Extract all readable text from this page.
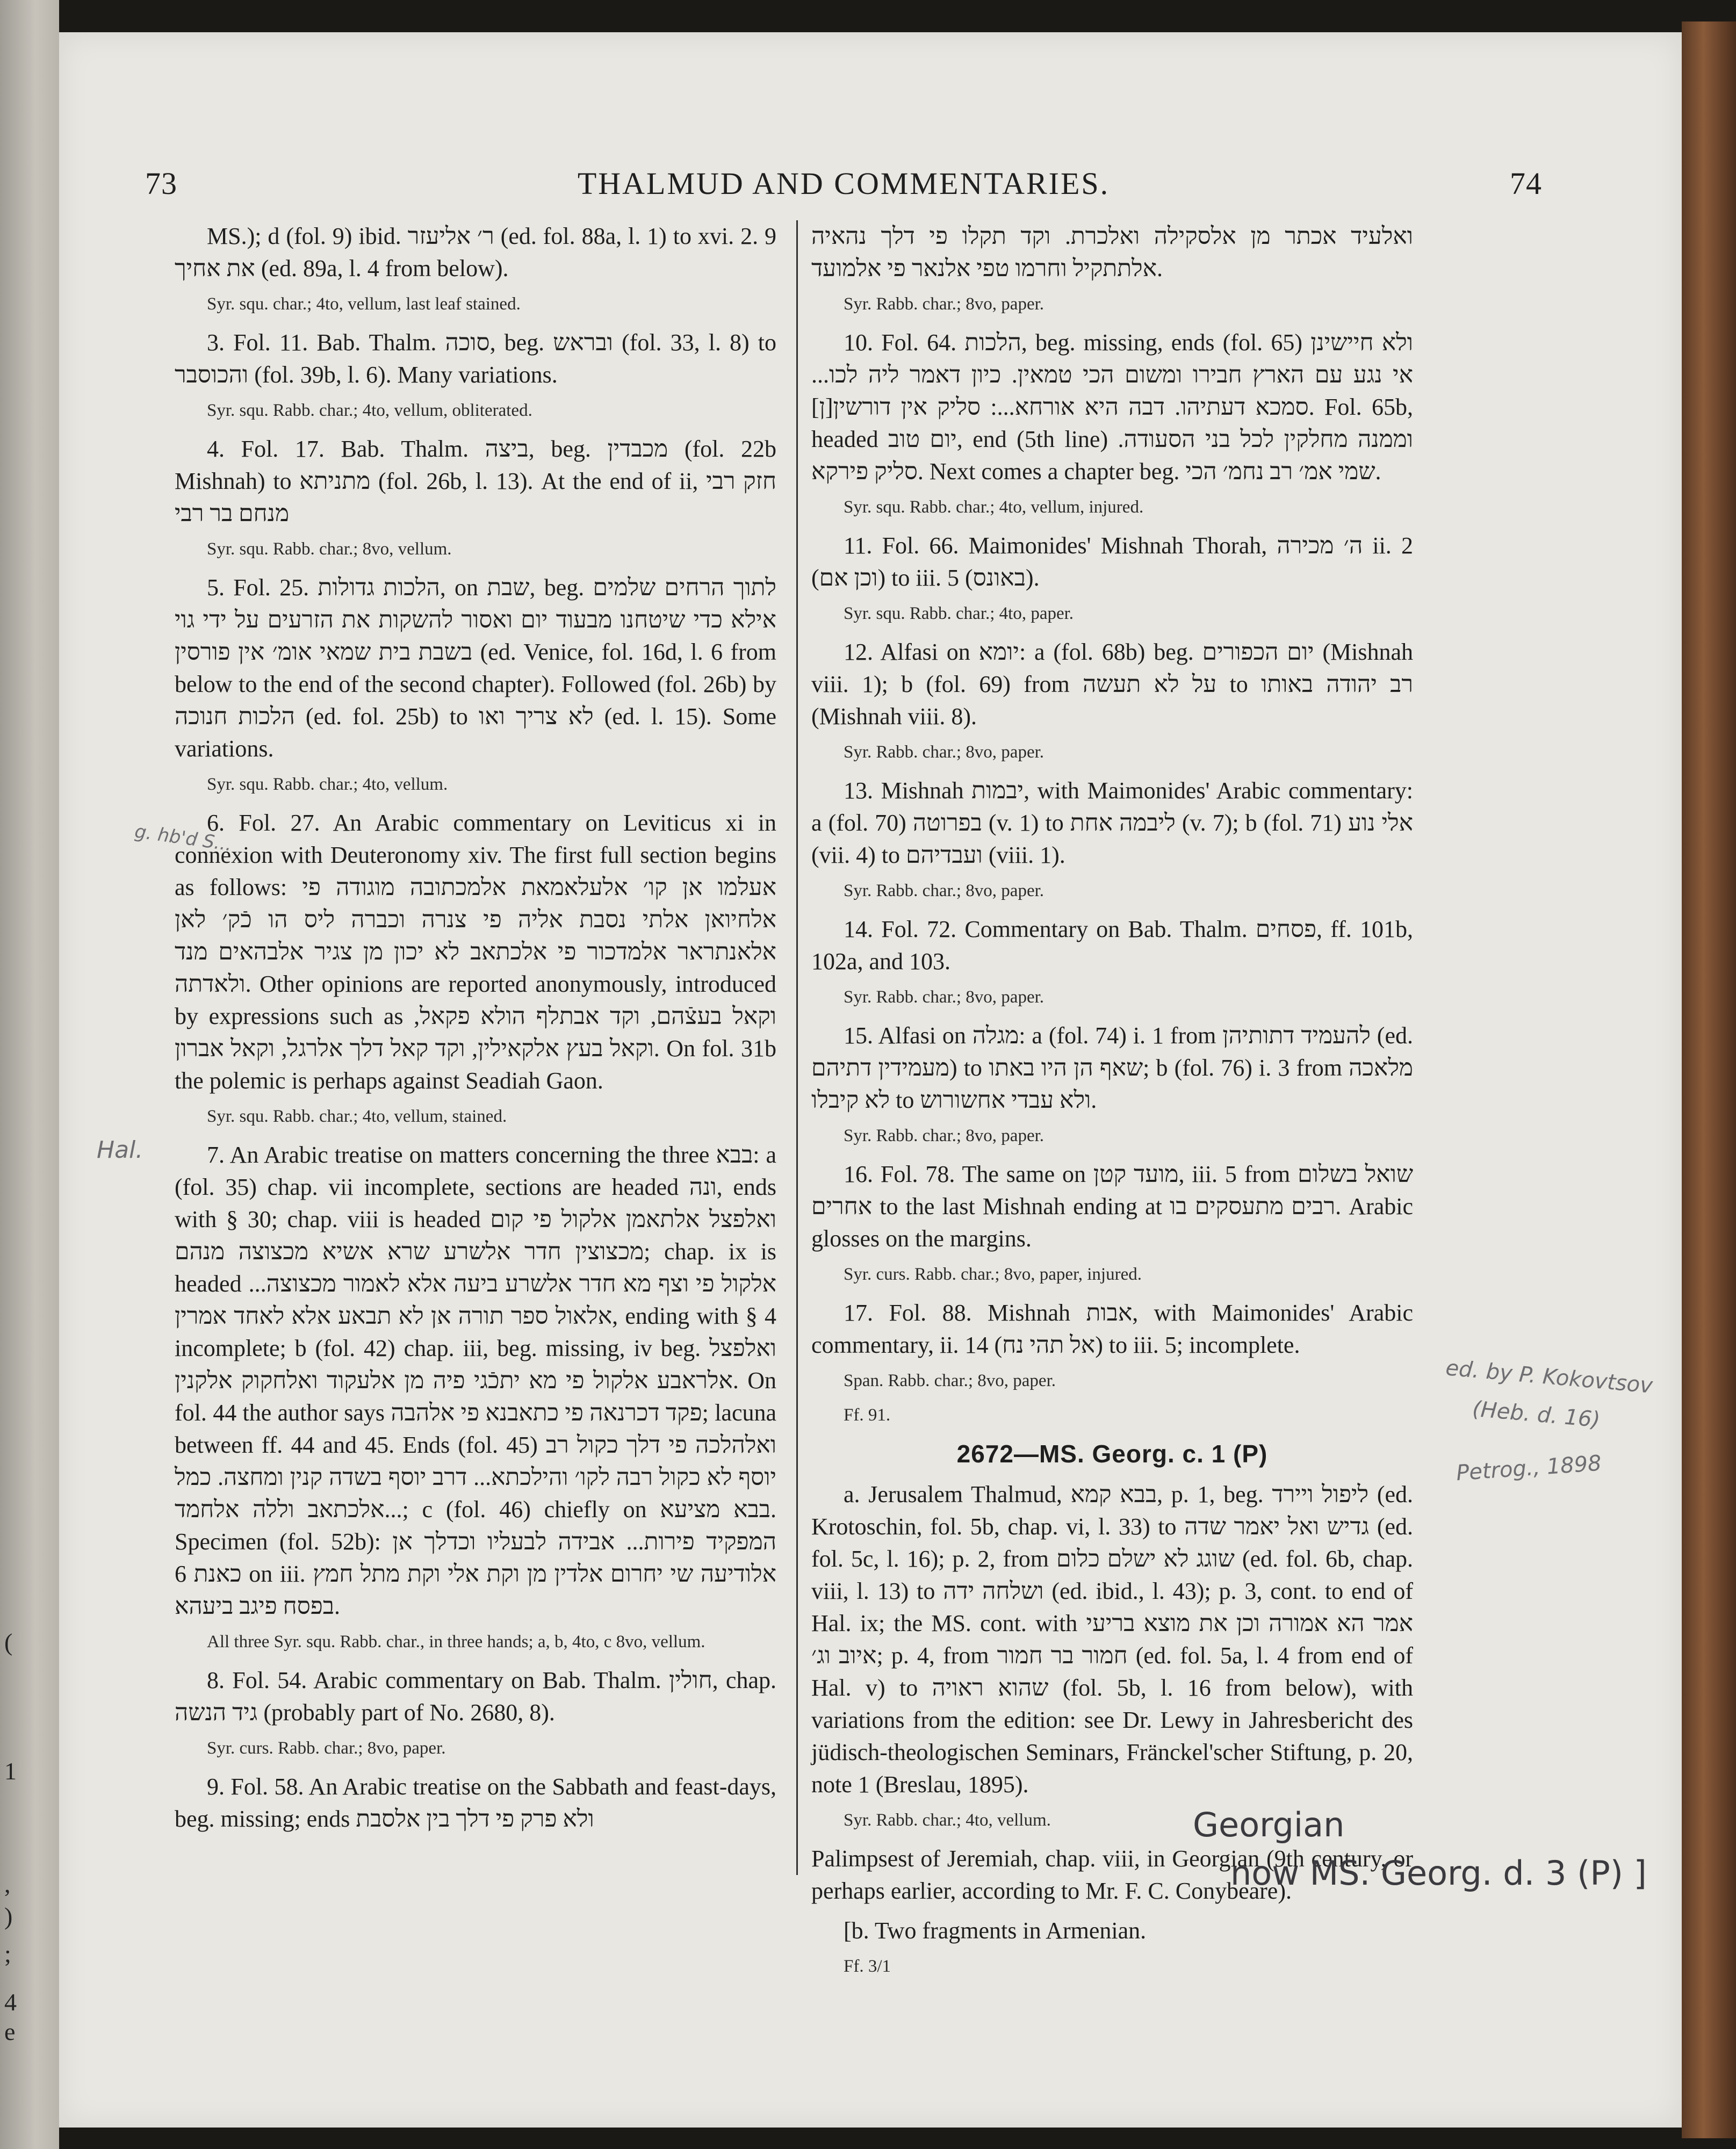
(
1
,
)
;
4
e
73	THALMUD AND COMMENTARIES.	74

MS.); d (fol. 9) ibid. ר׳ אליעזר (ed. fol. 88a, l. 1) to xvi. 2. 9 את אחיך (ed. 89a, l. 4 from below).

Syr. squ. char.; 4to, vellum, last leaf stained.

3. Fol. 11. Bab. Thalm. סוכה, beg. ובראש (fol. 33, l. 8) to והכוסבר (fol. 39b, l. 6). Many variations.

Syr. squ. Rabb. char.; 4to, vellum, obliterated.

4. Fol. 17. Bab. Thalm. ביצה, beg. מכבדין (fol. 22b Mishnah) to מתניתא (fol. 26b, l. 13). At the end of ii, חזק רבי מנחם בר רבי

Syr. squ. Rabb. char.; 8vo, vellum.

5. Fol. 25. הלכות גדולות, on שבת, beg. לתוך הרחים שלמים אילא כדי שיטחנו מבעוד יום ואסור להשקות את הזרעים על ידי גוי בשבת בית שמאי אומ׳ אין פורסין (ed. Venice, fol. 16d, l. 6 from below to the end of the second chapter). Followed (fol. 26b) by הלכות חנוכה (ed. fol. 25b) to לא צריך ואו (ed. l. 15). Some variations.

Syr. squ. Rabb. char.; 4to, vellum.

6. Fol. 27. An Arabic commentary on Leviticus xi in connexion with Deuteronomy xiv. The first full section begins as follows: אעלמו אן קו׳ אלעלאמאת אלמכתובה מוגודה פי אלחיואן אלתי נסבת אליה פי צנרה וכברה ליס הו כֿק׳ לאן אלאנתראר אלמדכור פי אלכתאב לא יכון מן צגיר אלבהאים מנד ולאדתה. Other opinions are reported anonymously, introduced by expressions such as וקאל בעצֿהם, וקד אבתלף הולא פקאל, וקאל בעץ אלקאילין, וקד קאל דלך אלרגל, וקאל אברון. On fol. 31b the polemic is perhaps against Seadiah Gaon.

Syr. squ. Rabb. char.; 4to, vellum, stained.

7. An Arabic treatise on matters concerning the three בבא: a (fol. 35) chap. vii incomplete, sections are headed ונה, ends with § 30; chap. viii is headed ואלפצל אלתאמן אלקול פי קום מכצוצין חדר אלשרע שרא אשיא מכצוצה מנהם; chap. ix is headed אלקול פי וצף מא חדר אלשרע ביעה אלא לאמור מכצוצה... אלאול ספר תורה אן לא תבאע אלא לאחד אמרין, ending with § 4 incomplete; b (fol. 42) chap. iii, beg. missing, iv beg. ואלפצל אלראבע אלקול פי מא יתכֿגי פיה מן אלעקוד ואלחקוק אלקנין. On fol. 44 the author says פקד דכרנאה פי כתאבנא פי אלהבה; lacuna between ff. 44 and 45. Ends (fol. 45) ואלהלכה פי דלך כקול רב יוסף לא כקול רבה לקו׳ והילכתא... דרב יוסף בשדה קנין ומחצה. כמל אלכתאב וללה אלחמד...; c (fol. 46) chiefly on בבא מציעא. Specimen (fol. 52b): המפקיד פירות... אבידה לבעליו וכדלך אן כאנת 6 on iii. אלודיעה שי יחרום אלדין מן וקת אלי וקת מתל חמץ בפסח פיגב ביעהא.

All three Syr. squ. Rabb. char., in three hands; a, b, 4to, c 8vo, vellum.

8. Fol. 54. Arabic commentary on Bab. Thalm. חולין, chap. גיד הנשה (probably part of No. 2680, 8).

Syr. curs. Rabb. char.; 8vo, paper.

9. Fol. 58. An Arabic treatise on the Sabbath and feast-days, beg. missing; ends ולא פרק פי דלך בין אלסבת

ואלעיד אכתר מן אלסקילה ואלכרת. וקד תקלו פי דלך נהאיה אלתתקיל וחרמו טפי אלנאר פי אלמועד.

Syr. Rabb. char.; 8vo, paper.

10. Fol. 64. הלכות, beg. missing, ends (fol. 65) ולא חיישינן אי נגע עם הארץ חבירו ומשום הכי טמאין. כיון דאמר ליה לכו... סמכא דעתיהו. דבה היא אורחא...: סליק אין דורשין[ן]. Fol. 65b, headed יום טוב, end (5th line) וממנה מחלקין לכל בני הסעודה. סליק פירקא. Next comes a chapter beg. שמי אמ׳ רב נחמ׳ הכי.

Syr. squ. Rabb. char.; 4to, vellum, injured.

11. Fol. 66. Maimonides' Mishnah Thorah, ה׳ מכירה ii. 2 (וכן אם) to iii. 5 (באונס).

Syr. squ. Rabb. char.; 4to, paper.

12. Alfasi on יומא: a (fol. 68b) beg. יום הכפורים (Mishnah viii. 1); b (fol. 69) from על לא תעשה to רב יהודה באותו (Mishnah viii. 8).

Syr. Rabb. char.; 8vo, paper.

13. Mishnah יבמות, with Maimonides' Arabic commentary: a (fol. 70) בפרוטה (v. 1) to ליבמה אחת (v. 7); b (fol. 71) אלי נוע (vii. 4) to ועבדיהם (viii. 1).

Syr. Rabb. char.; 8vo, paper.

14. Fol. 72. Commentary on Bab. Thalm. פסחים, ff. 101b, 102a, and 103.

Syr. Rabb. char.; 8vo, paper.

15. Alfasi on מגלה: a (fol. 74) i. 1 from להעמיד דתותיהן (ed. מעמידין דתיהם) to שאף הן היו באתו; b (fol. 76) i. 3 from מלאכה לא קיבלו to ולא עבדי אחשורוש.

Syr. Rabb. char.; 8vo, paper.

16. Fol. 78. The same on מועד קטן, iii. 5 from שואל בשלום אחרים to the last Mishnah ending at רבים מתעסקים בו. Arabic glosses on the margins.

Syr. curs. Rabb. char.; 8vo, paper, injured.

17. Fol. 88. Mishnah אבות, with Maimonides' Arabic commentary, ii. 14 (אל תהי נח) to iii. 5; incomplete.

Span. Rabb. char.; 8vo, paper.

Ff. 91.

2672—MS. Georg. c. 1 (P)

a. Jerusalem Thalmud, בבא קמא, p. 1, beg. ליפול ויירד (ed. Krotoschin, fol. 5b, chap. vi, l. 33) to גדיש ואל יאמר שדה (ed. fol. 5c, l. 16); p. 2, from שוגג לא ישלם כלום (ed. fol. 6b, chap. viii, l. 13) to ושלחה ידה (ed. ibid., l. 43); p. 3, cont. to end of Hal. ix; the MS. cont. with אמר הא אמורה וכן את מוצא בריעי איוב וג׳; p. 4, from חמור בר חמור (ed. fol. 5a, l. 4 from end of Hal. v) to שהוא ראויה (fol. 5b, l. 16 from below), with variations from the edition: see Dr. Lewy in Jahresbericht des jüdisch-theologischen Seminars, Fränckel'scher Stiftung, p. 20, note 1 (Breslau, 1895).

Syr. Rabb. char.; 4to, vellum.

Palimpsest of Jeremiah, chap. viii, in Georgian (9th century, or perhaps earlier, according to Mr. F. C. Conybeare).

[b. Two fragments in Armenian.

Ff. 3/1

g. hb'd S...
Hal.
ed. by P. Kokovtsov
(Heb. d. 16)
Petrog., 1898
Georgian
now MS. Georg. d. 3 (P) ]
